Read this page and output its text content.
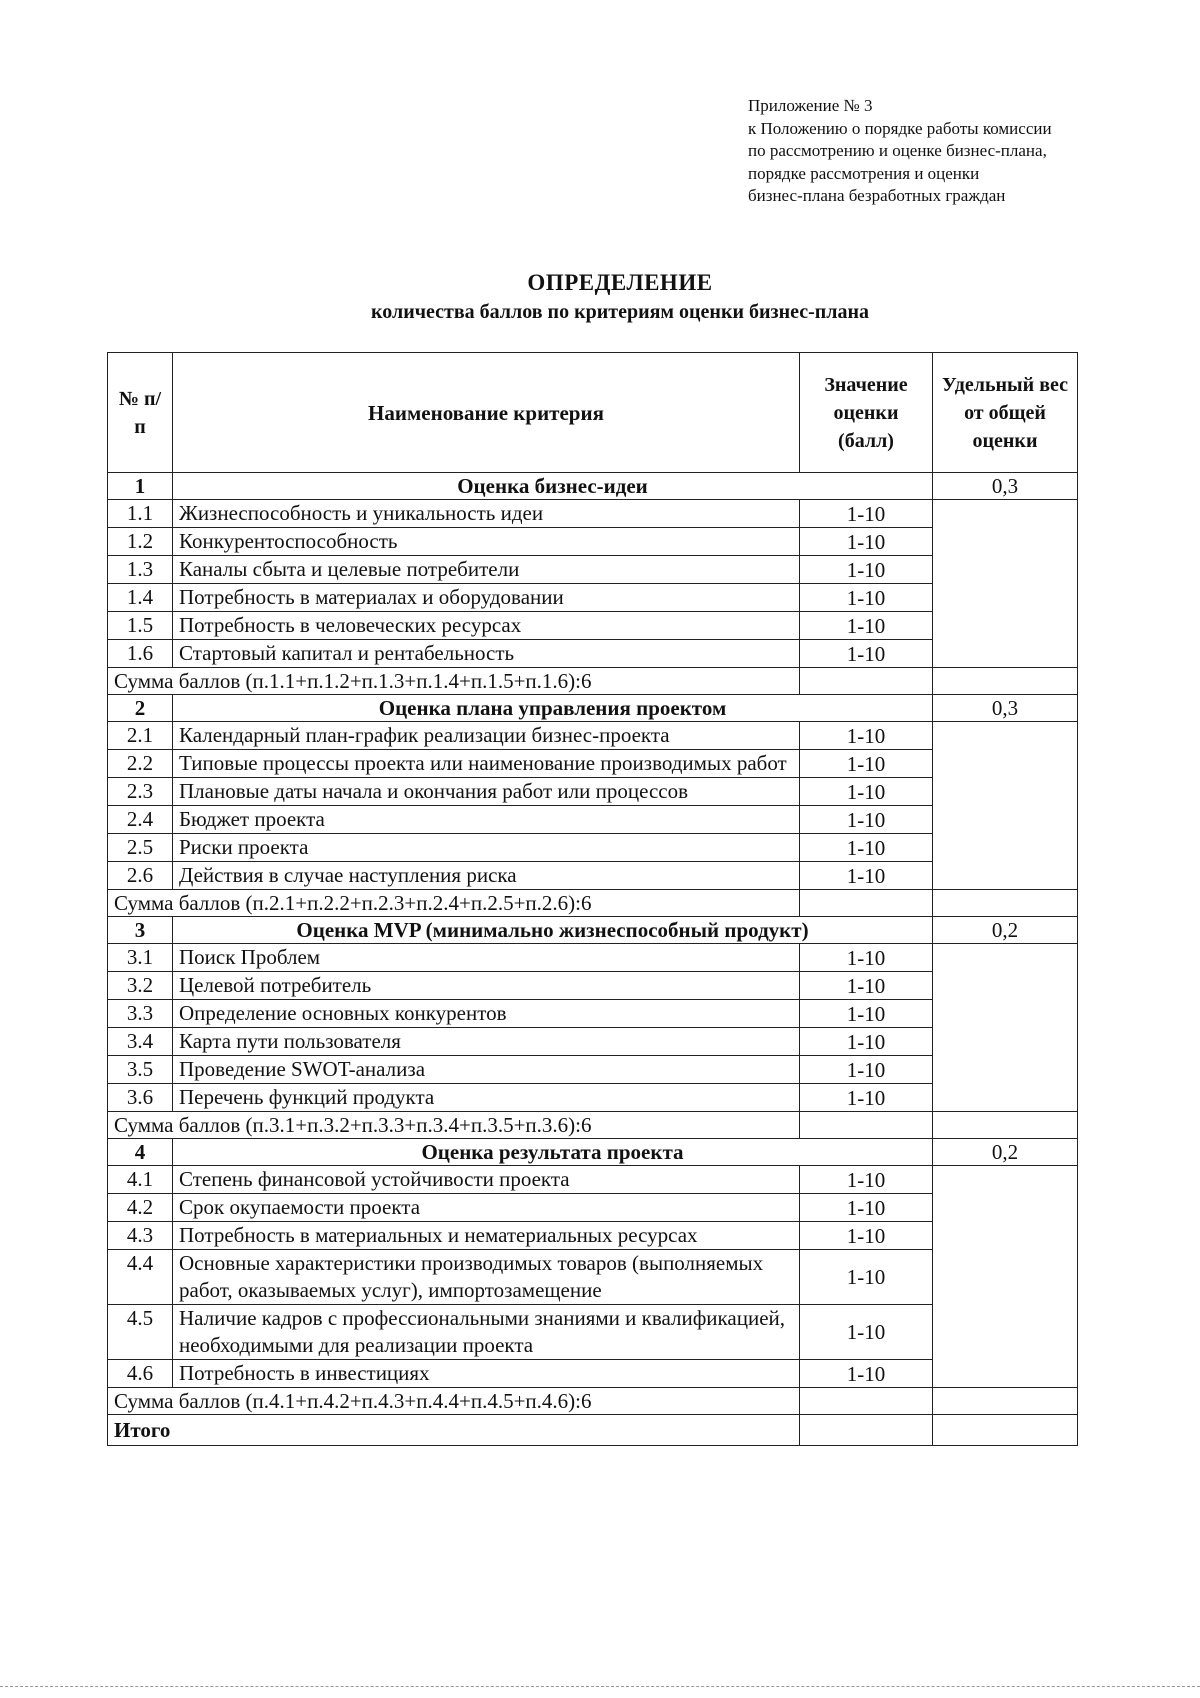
Приложение № 3
к Положению о порядке работы комиссии
по рассмотрению и оценке бизнес-плана,
порядке рассмотрения и оценки
бизнес-плана безработных граждан
ОПРЕДЕЛЕНИЕ
количества баллов по критериям оценки бизнес-плана
№ п/п	Наименование критерия	Значение оценки (балл)	Удельный вес от общей оценки
1	Оценка бизнес-идеи		0,3
1.1	Жизнеспособность и уникальность идеи	1-10	
1.2	Конкурентоспособность	1-10	
1.3	Каналы сбыта и целевые потребители	1-10	
1.4	Потребность в материалах и оборудовании	1-10	
1.5	Потребность в человеческих ресурсах	1-10	
1.6	Стартовый капитал и рентабельность	1-10	
Сумма баллов (п.1.1+п.1.2+п.1.3+п.1.4+п.1.5+п.1.6):6			
2	Оценка плана управления проектом		0,3
2.1	Календарный план-график реализации бизнес-проекта	1-10	
2.2	Типовые процессы проекта или наименование производимых работ	1-10	
2.3	Плановые даты начала и окончания работ или процессов	1-10	
2.4	Бюджет проекта	1-10	
2.5	Риски проекта	1-10	
2.6	Действия в случае наступления риска	1-10	
Сумма баллов (п.2.1+п.2.2+п.2.3+п.2.4+п.2.5+п.2.6):6			
3	Оценка MVP (минимально жизнеспособный продукт)		0,2
3.1	Поиск Проблем	1-10	
3.2	Целевой потребитель	1-10	
3.3	Определение основных конкурентов	1-10	
3.4	Карта пути пользователя	1-10	
3.5	Проведение SWOT-анализа	1-10	
3.6	Перечень функций продукта	1-10	
Сумма баллов (п.3.1+п.3.2+п.3.3+п.3.4+п.3.5+п.3.6):6			
4	Оценка результата проекта		0,2
4.1	Степень финансовой устойчивости проекта	1-10	
4.2	Срок окупаемости проекта	1-10	
4.3	Потребность в материальных и нематериальных ресурсах	1-10	
4.4	Основные характеристики производимых товаров (выполняемых работ, оказываемых услуг), импортозамещение	1-10	
4.5	Наличие кадров с профессиональными знаниями и квалификацией, необходимыми для реализации проекта	1-10	
4.6	Потребность в инвестициях	1-10	
Сумма баллов (п.4.1+п.4.2+п.4.3+п.4.4+п.4.5+п.4.6):6			
Итого			
